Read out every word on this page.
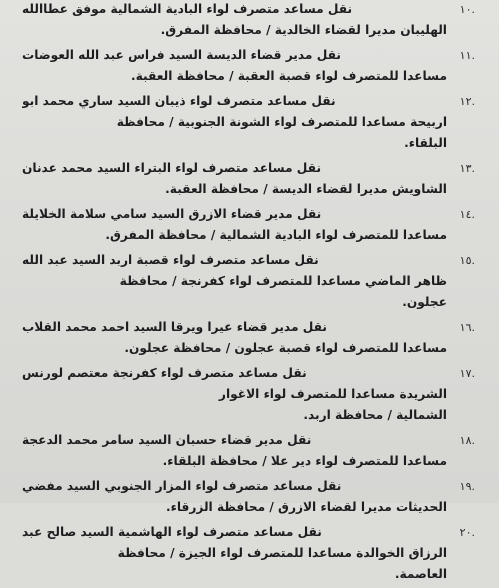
١٠.
نقل مساعد متصرف لواء البادية الشمالية موفق عطاالله
الهليبان مديرا لقضاء الخالدية / محافظة المفرق.
١١.
نقل مدير قضاء الديسة السيد فراس عبد الله العوضات
مساعدا للمتصرف لواء قصبة العقبة / محافظة العقبة.
١٢.
نقل مساعد متصرف لواء ذيبان السيد ساري محمد ابو
اربيحة مساعدا للمتصرف لواء الشونة الجنوبية / محافظة
البلقاء.
١٣.
نقل مساعد متصرف لواء البتراء السيد محمد عدنان
الشاويش مديرا لقضاء الديسة / محافظة العقبة.
١٤.
نقل مدير قضاء الازرق السيد سامي سلامة الخلايلة
مساعدا للمتصرف لواء البادية الشمالية / محافظة المفرق.
١٥.
نقل مساعد متصرف لواء قصبة اربد السيد عبد الله
ظاهر الماضي مساعدا للمتصرف لواء كفرنجة / محافظة
عجلون.
١٦.
نقل مدير قضاء عيرا ويرقا السيد احمد محمد القلاب
مساعدا للمتصرف لواء قصبة عجلون / محافظة عجلون.
١٧.
نقل مساعد متصرف لواء كفرنجة معتصم لورنس
الشريدة مساعدا للمتصرف لواء الاغوار
الشمالية / محافظة اربد.
١٨.
نقل مدير قضاء حسبان السيد سامر محمد الدعجة
مساعدا للمتصرف لواء دير علا / محافظة البلقاء.
١٩.
نقل مساعد متصرف لواء المزار الجنوبي السيد مفضي
الحديثات مديرا لقضاء الازرق / محافظة الزرقاء.
٢٠.
نقل مساعد متصرف لواء الهاشمية السيد صالح عبد
الرزاق الخوالدة مساعدا للمتصرف لواء الجيزة / محافظة
العاصمة.
